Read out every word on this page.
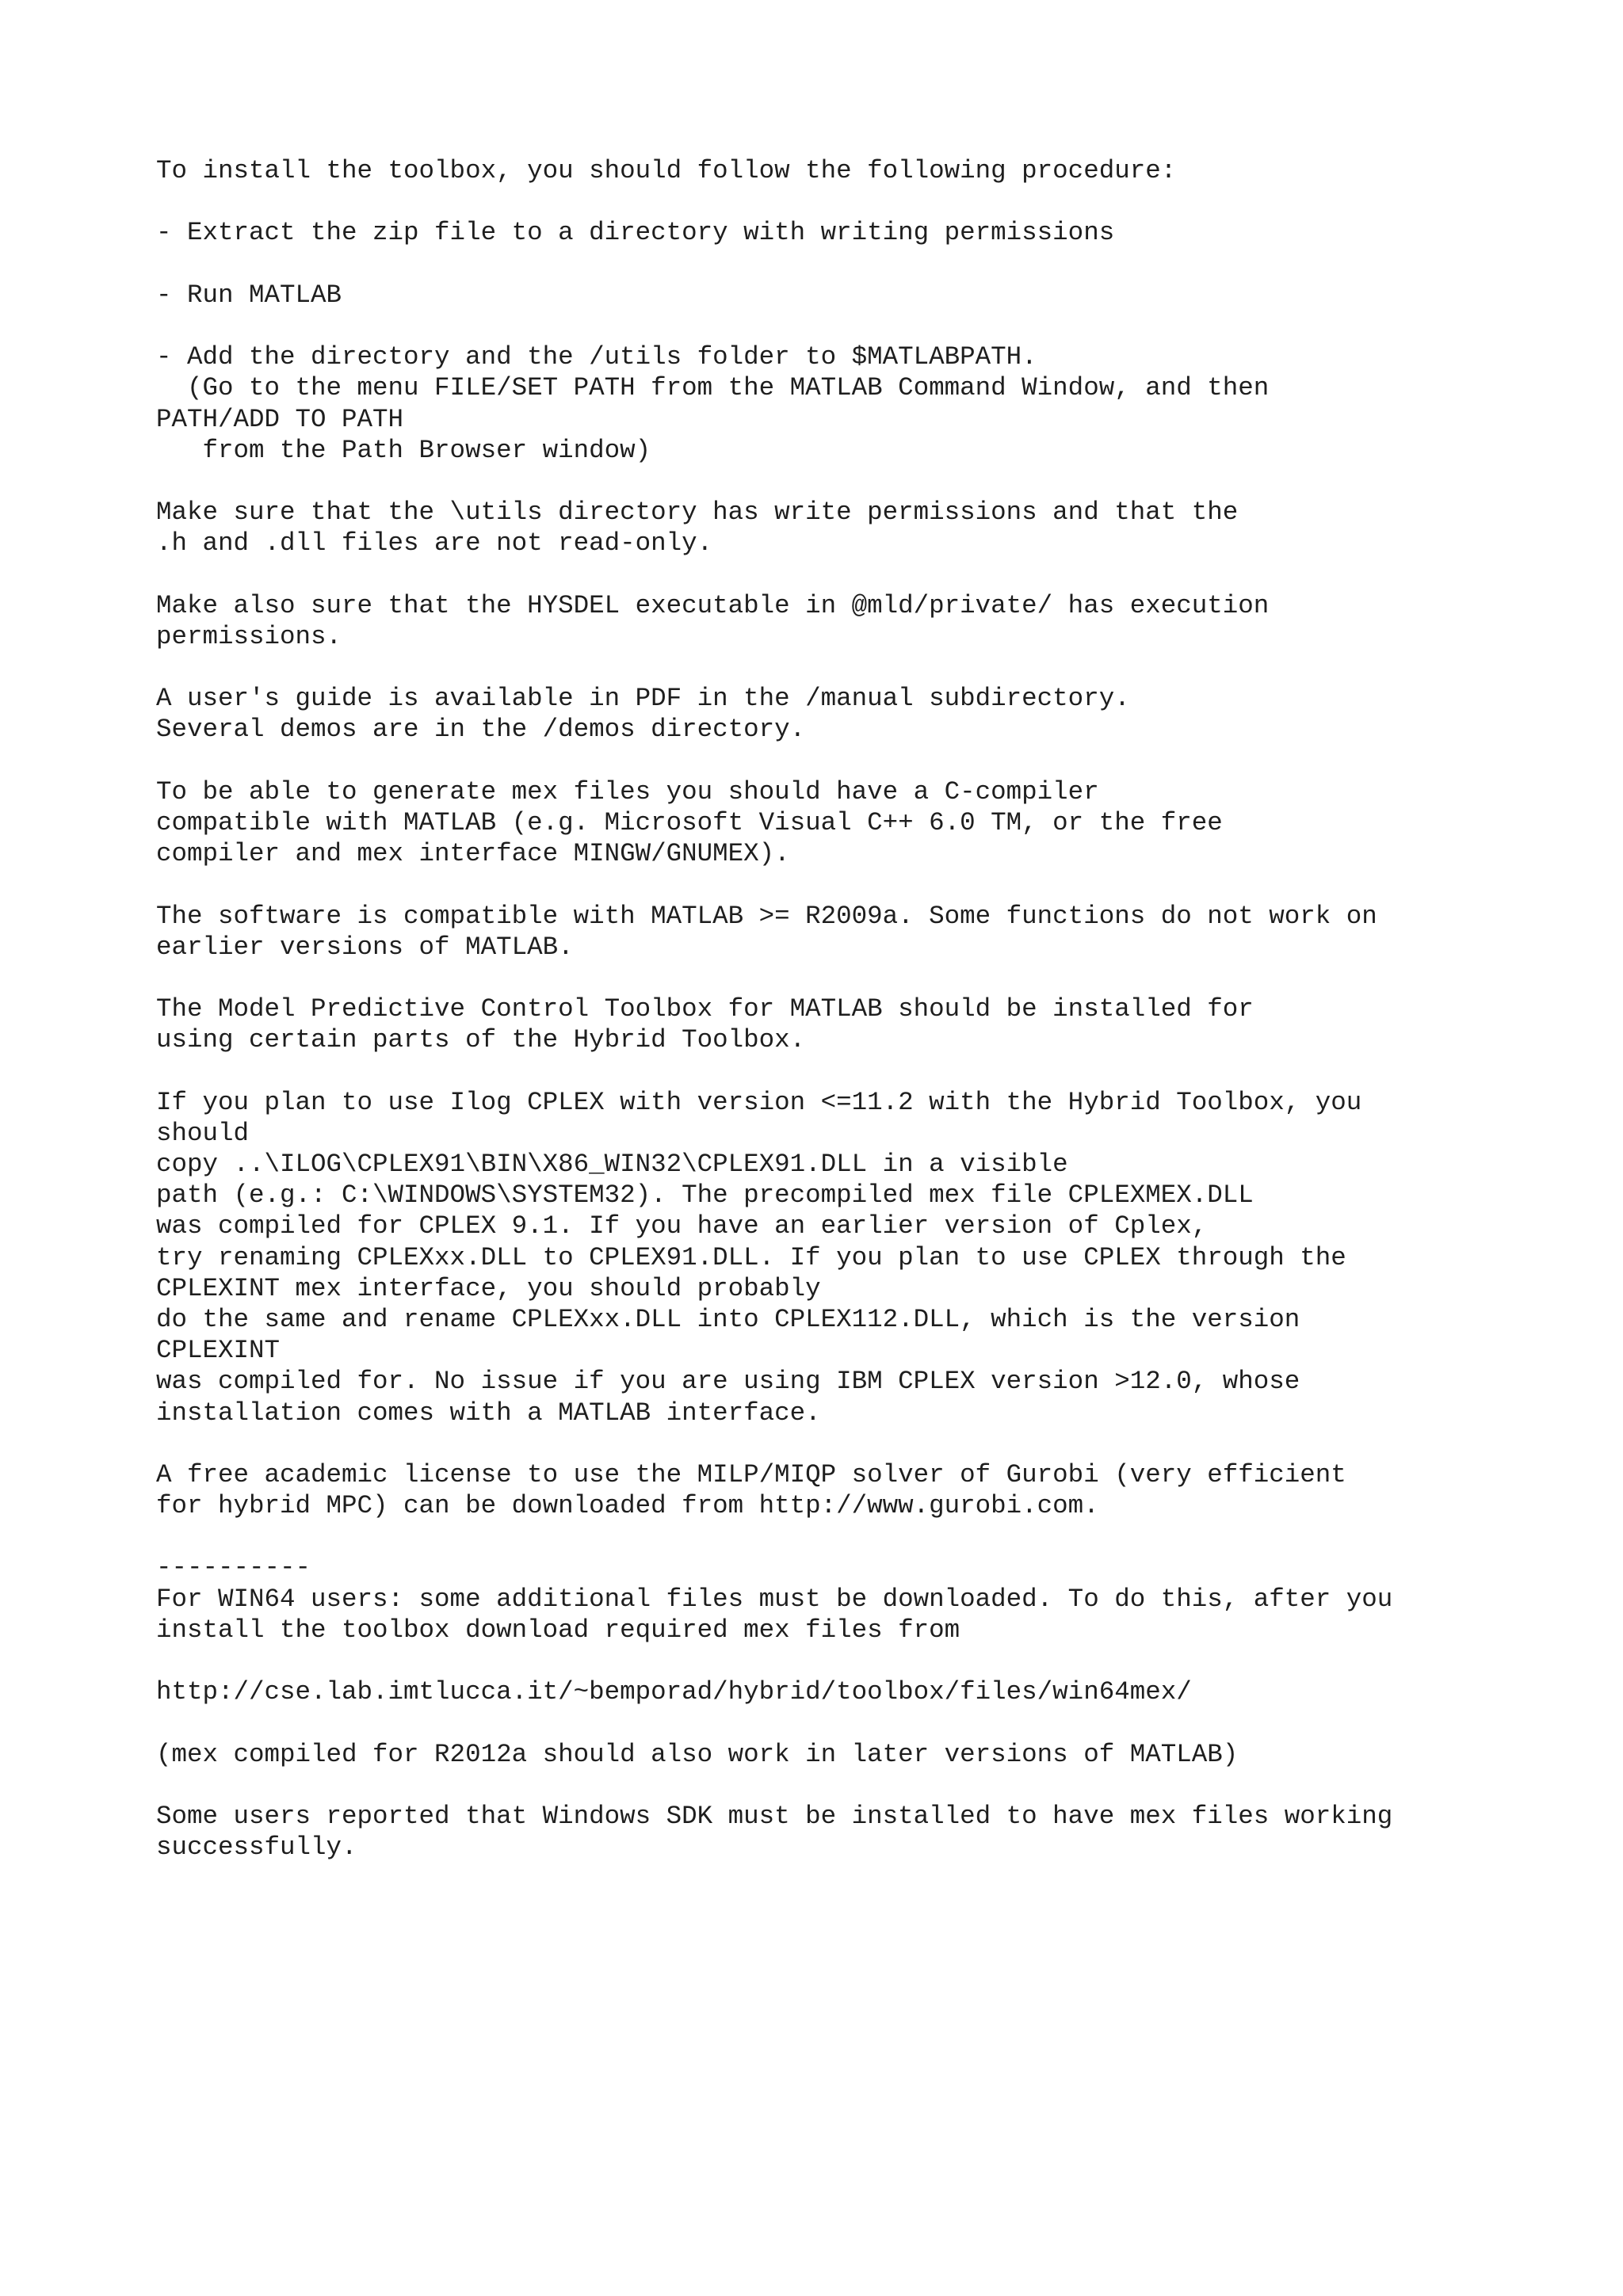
To install the toolbox, you should follow the following procedure:
- Extract the zip file to a directory with writing permissions
- Run MATLAB
- Add the directory and the /utils folder to $MATLABPATH.
(Go to the menu FILE/SET PATH from the MATLAB Command Window, and then
PATH/ADD TO PATH
from the Path Browser window)
Make sure that the \utils directory has write permissions and that the
.h and .dll files are not read-only.
Make also sure that the HYSDEL executable in @mld/private/ has execution
permissions.
A user's guide is available in PDF in the /manual subdirectory.
Several demos are in the /demos directory.
To be able to generate mex files you should have a C-compiler
compatible with MATLAB (e.g. Microsoft Visual C++ 6.0 TM, or the free
compiler and mex interface MINGW/GNUMEX).
The software is compatible with MATLAB >= R2009a. Some functions do not work on
earlier versions of MATLAB.
The Model Predictive Control Toolbox for MATLAB should be installed for
using certain parts of the Hybrid Toolbox.
If you plan to use Ilog CPLEX with version <=11.2 with the Hybrid Toolbox, you
should
copy ..\ILOG\CPLEX91\BIN\X86_WIN32\CPLEX91.DLL in a visible
path (e.g.: C:\WINDOWS\SYSTEM32). The precompiled mex file CPLEXMEX.DLL
was compiled for CPLEX 9.1. If you have an earlier version of Cplex,
try renaming CPLEXxx.DLL to CPLEX91.DLL. If you plan to use CPLEX through the
CPLEXINT mex interface, you should probably
do the same and rename CPLEXxx.DLL into CPLEX112.DLL, which is the version
CPLEXINT
was compiled for. No issue if you are using IBM CPLEX version >12.0, whose
installation comes with a MATLAB interface.
A free academic license to use the MILP/MIQP solver of Gurobi (very efficient
for hybrid MPC) can be downloaded from http://www.gurobi.com.
----------
For WIN64 users: some additional files must be downloaded. To do this, after you
install the toolbox download required mex files from
http://cse.lab.imtlucca.it/~bemporad/hybrid/toolbox/files/win64mex/
(mex compiled for R2012a should also work in later versions of MATLAB)
Some users reported that Windows SDK must be installed to have mex files working
successfully.
